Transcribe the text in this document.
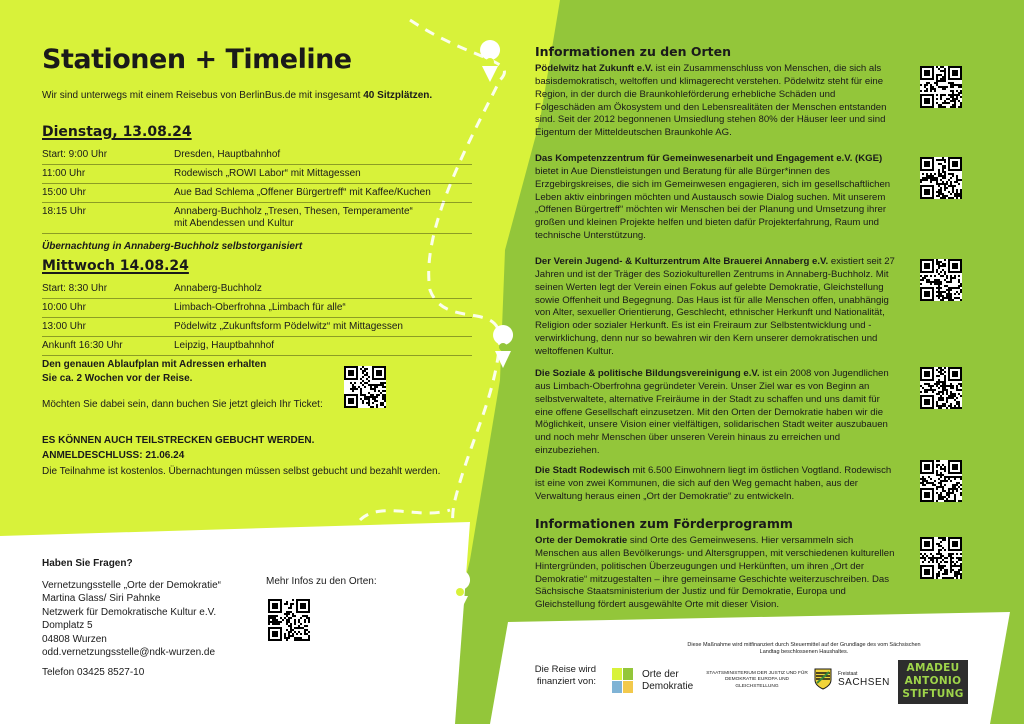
Stationen + Timeline
Wir sind unterwegs mit einem Reisebus von BerlinBus.de mit insgesamt 40 Sitzplätzen.
Dienstag, 13.08.24
Start: 9:00 Uhr	Dresden, Hauptbahnhof
11:00 Uhr	Rodewisch „ROWI Labor“ mit Mittagessen
15:00 Uhr	Aue Bad Schlema „Offener Bürgertreff“ mit Kaffee/Kuchen
18:15 Uhr	Annaberg-Buchholz „Tresen, Thesen, Temperamente“
mit Abendessen und Kultur
Übernachtung in Annaberg-Buchholz selbstorganisiert
Mittwoch 14.08.24
Start: 8:30 Uhr	Annaberg-Buchholz
10:00 Uhr	Limbach-Oberfrohna „Limbach für alle“
13:00 Uhr	Pödelwitz „Zukunftsform Pödelwitz“ mit Mittagessen
Ankunft 16:30 Uhr	Leipzig, Hauptbahnhof
Den genauen Ablaufplan mit Adressen erhalten
Sie ca. 2 Wochen vor der Reise.
Möchten Sie dabei sein, dann buchen Sie jetzt gleich Ihr Ticket:
ES KÖNNEN AUCH TEILSTRECKEN GEBUCHT WERDEN.
ANMELDESCHLUSS: 21.06.24
Die Teilnahme ist kostenlos. Übernachtungen müssen selbst gebucht und bezahlt werden.
Haben Sie Fragen?
Vernetzungsstelle „Orte der Demokratie“
Martina Glass/ Siri Pahnke
Netzwerk für Demokratische Kultur e.V.
Domplatz 5
04808 Wurzen
odd.vernetzungsstelle@ndk-wurzen.de
Telefon 03425 8527-10
Mehr Infos zu den Orten:
Informationen zu den Orten
Pödelwitz hat Zukunft e.V. ist ein Zusammenschluss von Menschen, die sich als basisdemokratisch, weltoffen und klimagerecht verstehen. Pödelwitz steht für eine Region, in der durch die Braunkohleförderung erhebliche Schäden und Folgeschäden am Ökosystem und den Lebensrealitäten der Menschen entstanden sind. Seit der 2012 begonnenen Umsiedlung stehen 80% der Häuser leer und sind Eigentum der Mitteldeutschen Braunkohle AG.
Das Kompetenzzentrum für Gemeinwesenarbeit und Engagement e.V. (KGE) bietet in Aue Dienstleistungen und Beratung für alle Bürger*innen des Erzgebirgskreises, die sich im Gemeinwesen engagieren, sich im gesellschaftlichen Leben aktiv einbringen möchten und Austausch sowie Dialog suchen. Mit unserem „Offenen Bürgertreff“ möchten wir Menschen bei der Planung und Umsetzung ihrer großen und kleinen Projekte helfen und bieten dafür Projekterfahrung, Raum und technische Unterstützung.
Der Verein Jugend- & Kulturzentrum Alte Brauerei Annaberg e.V. existiert seit 27 Jahren und ist der Träger des Soziokulturellen Zentrums in Annaberg-Buchholz. Mit seinen Werten legt der Verein einen Fokus auf gelebte Demokratie, Gleichstellung sowie Offenheit und Begegnung. Das Haus ist für alle Menschen offen, unabhängig von Alter, sexueller Orientierung, Geschlecht, ethnischer Herkunft und Nationalität, Religion oder sozialer Herkunft. Es ist ein Freiraum zur Selbstentwicklung und -verwirklichung, denn nur so bewahren wir den Kern unserer demokratischen und weltoffenen Kultur.
Die Soziale & politische Bildungsvereinigung e.V. ist ein 2008 von Jugendlichen aus Limbach-Oberfrohna gegründeter Verein. Unser Ziel war es von Beginn an selbstverwaltete, alternative Freiräume in der Stadt zu schaffen und uns damit für eine offene Gesellschaft einzusetzen. Mit den Orten der Demokratie haben wir die Möglichkeit, unsere Vision einer vielfältigen, solidarischen Stadt weiter auszubauen und noch mehr Menschen über unseren Verein hinaus zu erreichen und einzubeziehen.
Die Stadt Rodewisch mit 6.500 Einwohnern liegt im östlichen Vogtland. Rodewisch ist eine von zwei Kommunen, die sich auf den Weg gemacht haben, aus der Verwaltung heraus einen „Ort der Demokratie“ zu entwickeln.
Informationen zum Förderprogramm
Orte der Demokratie sind Orte des Gemeinwesens. Hier versammeln sich Menschen aus allen Bevölkerungs- und Altersgruppen, mit verschiedenen kulturellen Hintergründen, politischen Überzeugungen und Herkünften, um ihren „Ort der Demokratie“ mitzugestalten – ihre gemeinsame Geschichte weiterzuschreiben. Das Sächsische Staatsministerium der Justiz und für Demokratie, Europa und Gleichstellung fördert ausgewählte Orte mit dieser Vision.
Diese Maßnahme wird mitfinanziert durch Steuermittel auf der Grundlage des vom Sächsischen Landtag beschlossenen Haushaltes.
Die Reise wird finanziert von:
Orte der
Demokratie
STAATSMINISTERIUM DER JUSTIZ UND FÜR DEMOKRATIE EUROPA UND GLEICHSTELLUNG
Freistaat
SACHSEN
AMADEU
ANTONIO
STIFTUNG
